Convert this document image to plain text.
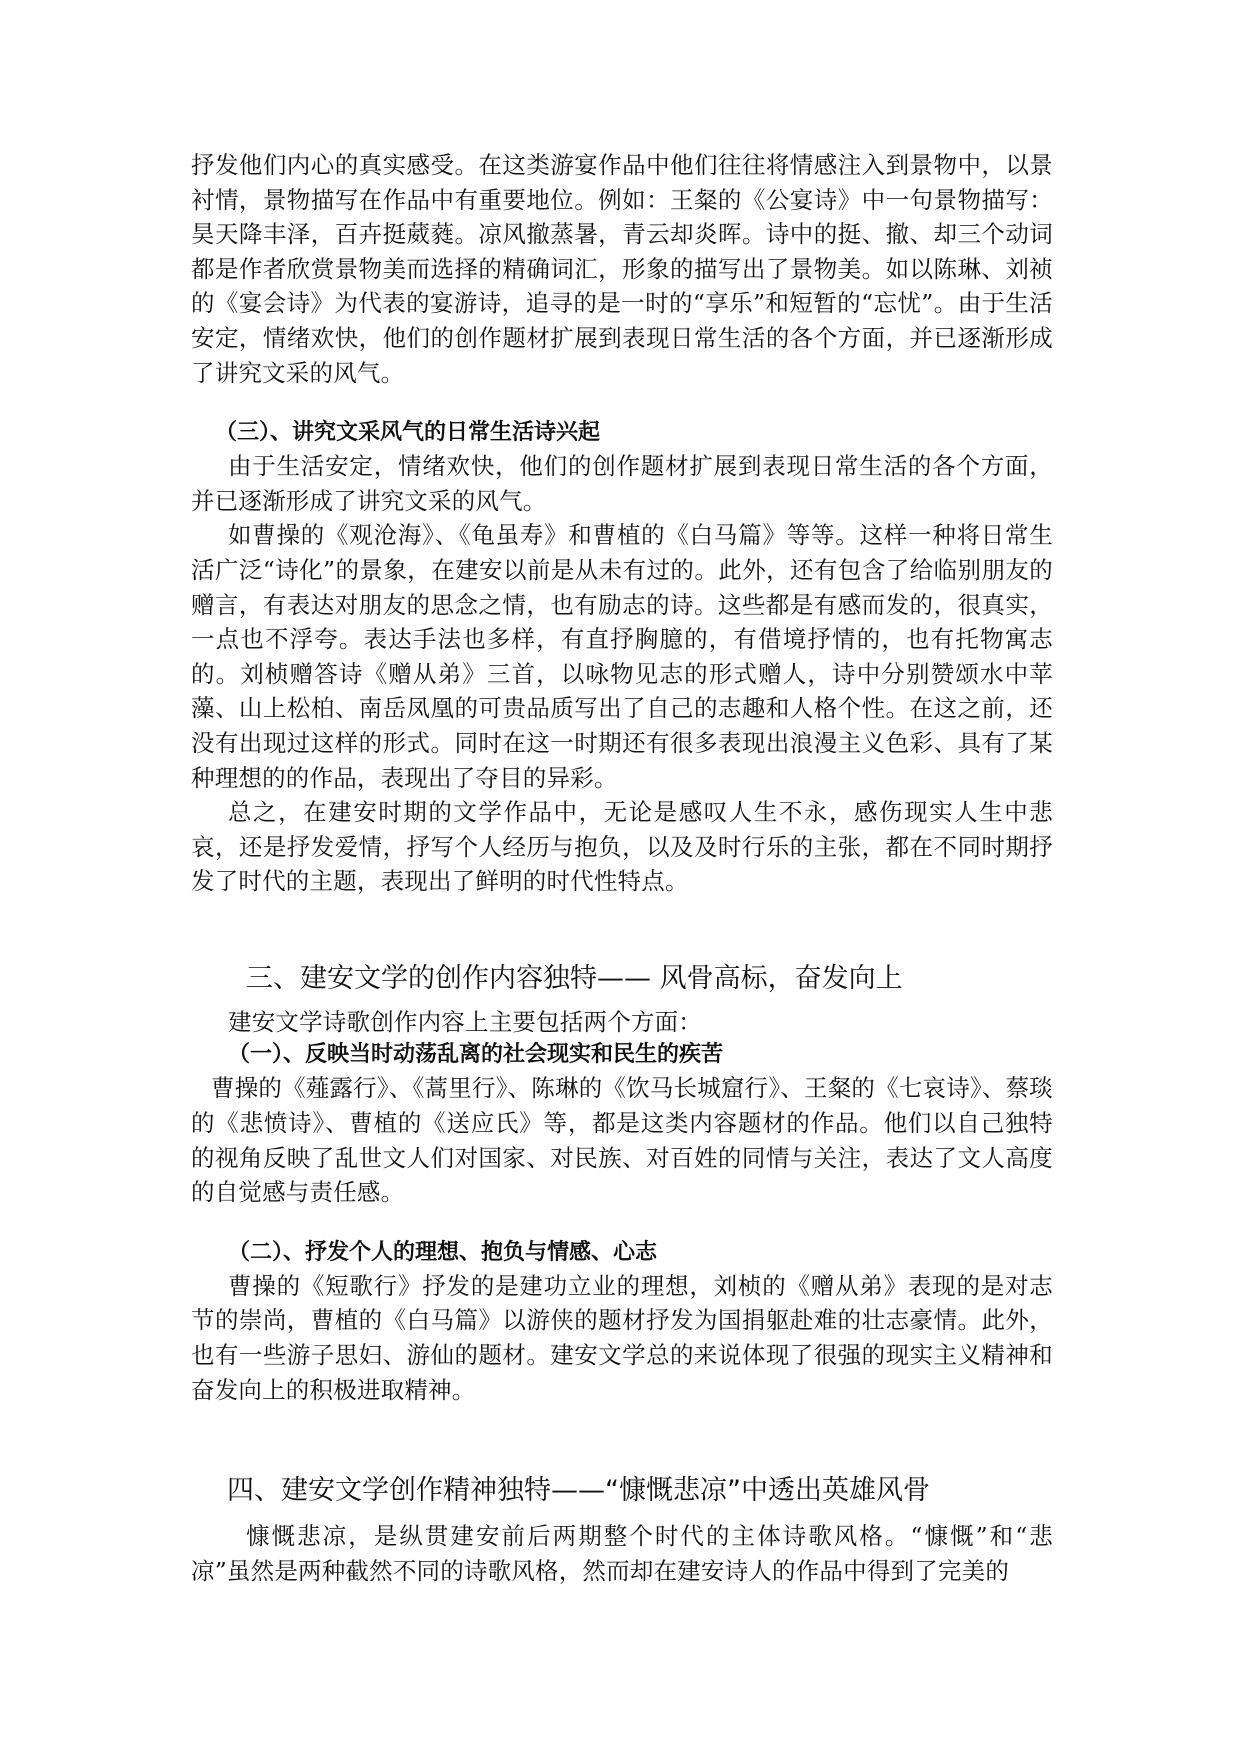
抒发他们内心的真实感受。在这类游宴作品中他们往往将情感注入到景物中，以景衬情，景物描写在作品中有重要地位。例如：王粲的《公宴诗》中一句景物描写：昊天降丰泽，百卉挺葳蕤。凉风撤蒸暑，青云却炎晖。诗中的挺、撤、却三个动词都是作者欣赏景物美而选择的精确词汇，形象的描写出了景物美。如以陈琳、刘祯的《宴会诗》为代表的宴游诗，追寻的是一时的“享乐”和短暂的“忘忧”。由于生活安定，情绪欢快，他们的创作题材扩展到表现日常生活的各个方面，并已逐渐形成了讲究文采的风气。

（三）、讲究文采风气的日常生活诗兴起

由于生活安定，情绪欢快，他们的创作题材扩展到表现日常生活的各个方面，并已逐渐形成了讲究文采的风气。

如曹操的《观沧海》、《龟虽寿》和曹植的《白马篇》等等。这样一种将日常生活广泛“诗化”的景象，在建安以前是从未有过的。此外，还有包含了给临别朋友的赠言，有表达对朋友的思念之情，也有励志的诗。这些都是有感而发的，很真实，一点也不浮夸。表达手法也多样，有直抒胸臆的，有借境抒情的，也有托物寓志的。刘桢赠答诗《赠从弟》三首，以咏物见志的形式赠人，诗中分别赞颂水中苹藻、山上松柏、南岳凤凰的可贵品质写出了自己的志趣和人格个性。在这之前，还没有出现过这样的形式。同时在这一时期还有很多表现出浪漫主义色彩、具有了某种理想的的作品，表现出了夺目的异彩。

总之，在建安时期的文学作品中，无论是感叹人生不永，感伤现实人生中悲哀，还是抒发爱情，抒写个人经历与抱负，以及及时行乐的主张，都在不同时期抒发了时代的主题，表现出了鲜明的时代性特点。

三、建安文学的创作内容独特—— 风骨高标，奋发向上

建安文学诗歌创作内容上主要包括两个方面：

（一）、反映当时动荡乱离的社会现实和民生的疾苦

曹操的《薤露行》、《蒿里行》、陈琳的《饮马长城窟行》、王粲的《七哀诗》、蔡琰的《悲愤诗》、曹植的《送应氏》等，都是这类内容题材的作品。他们以自己独特的视角反映了乱世文人们对国家、对民族、对百姓的同情与关注，表达了文人高度的自觉感与责任感。

（二）、抒发个人的理想、抱负与情感、心志

曹操的《短歌行》抒发的是建功立业的理想，刘桢的《赠从弟》表现的是对志节的崇尚，曹植的《白马篇》以游侠的题材抒发为国捐躯赴难的壮志豪情。此外，也有一些游子思妇、游仙的题材。建安文学总的来说体现了很强的现实主义精神和奋发向上的积极进取精神。

四、建安文学创作精神独特——“慷慨悲凉”中透出英雄风骨

慷慨悲凉，是纵贯建安前后两期整个时代的主体诗歌风格。“慷慨”和“悲凉”虽然是两种截然不同的诗歌风格，然而却在建安诗人的作品中得到了完美的
